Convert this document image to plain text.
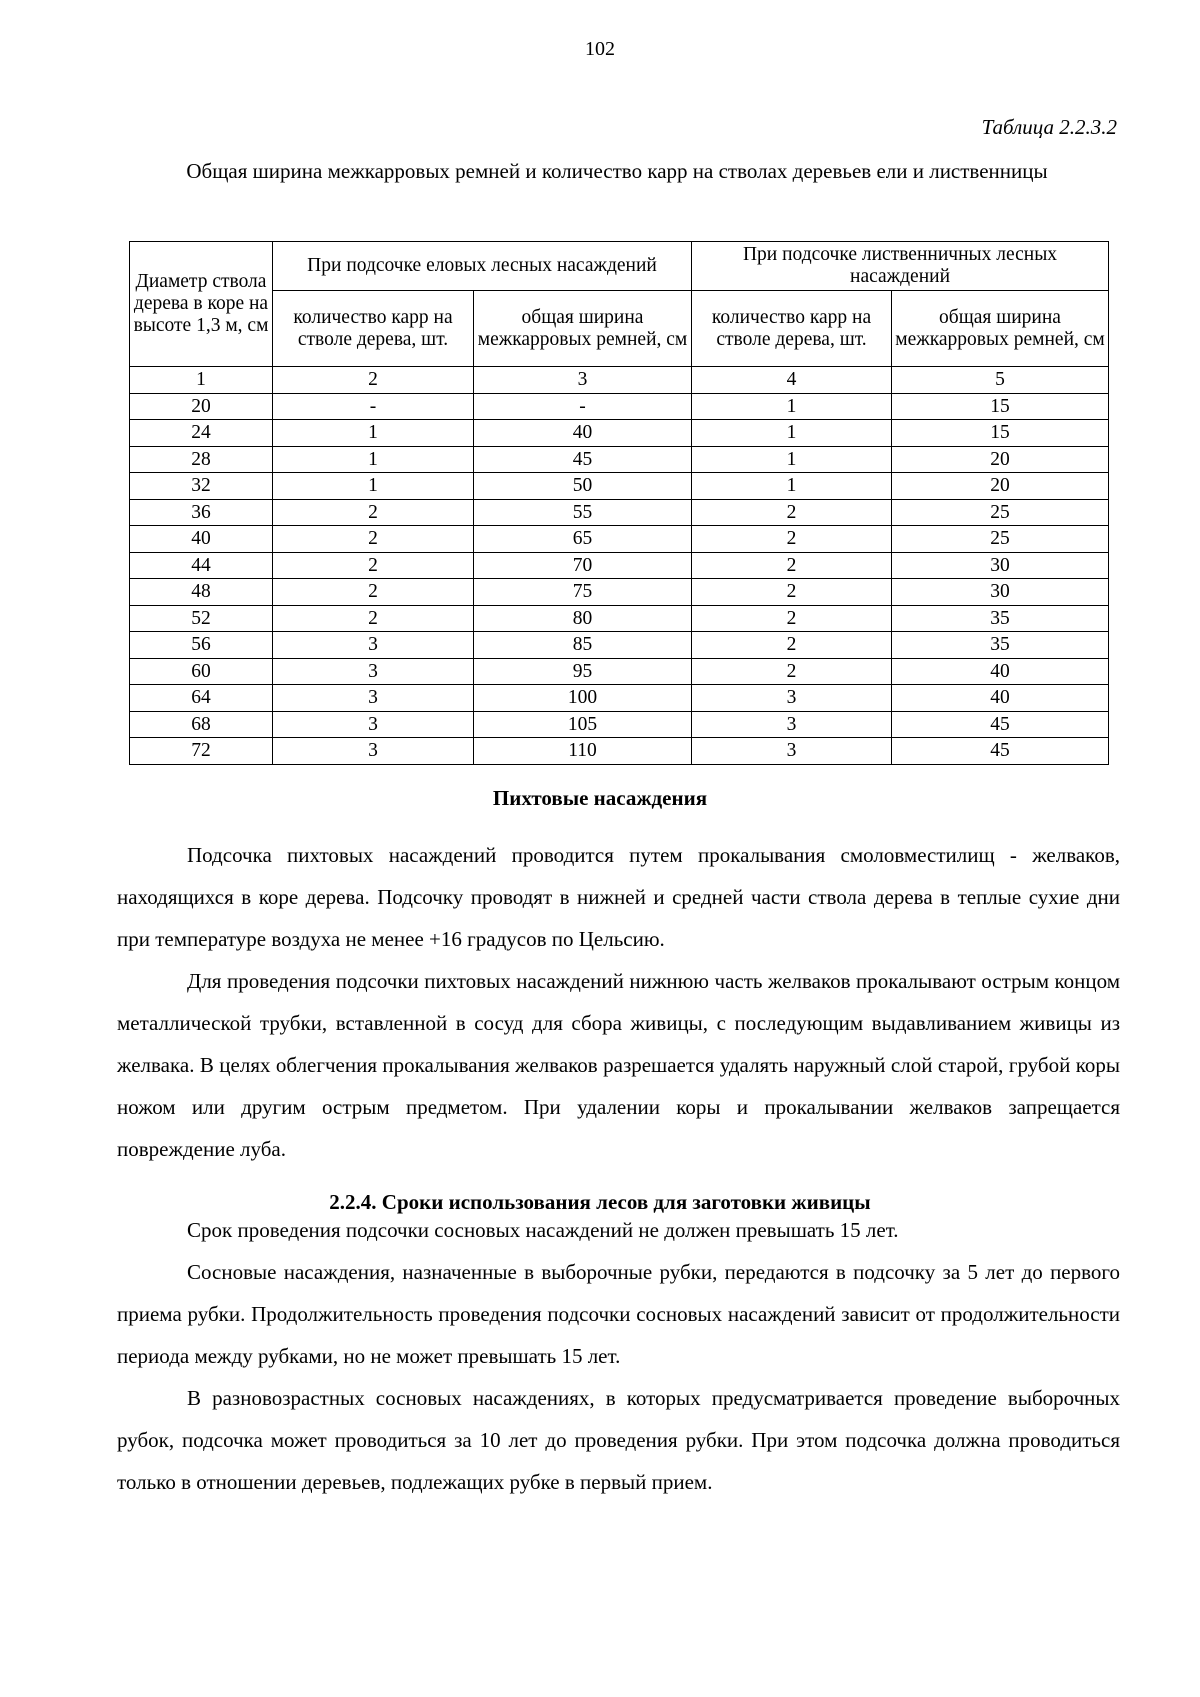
102
Таблица 2.2.3.2
Общая ширина межкарровых ремней и количество карр на стволах деревьев ели и лиственницы
Диаметр ствола дерева в коре на высоте 1,3 м, см	При подсочке еловых лесных насаждений		При подсочке лиственничных лесных насаждений	
	количество карр на стволе дерева, шт.	общая ширина межкарровых ремней, см	количество карр на стволе дерева, шт.	общая ширина межкарровых ремней, см
1	2	3	4	5
20	-	-	1	15
24	1	40	1	15
28	1	45	1	20
32	1	50	1	20
36	2	55	2	25
40	2	65	2	25
44	2	70	2	30
48	2	75	2	30
52	2	80	2	35
56	3	85	2	35
60	3	95	2	40
64	3	100	3	40
68	3	105	3	45
72	3	110	3	45
Пихтовые насаждения

Подсочка пихтовых насаждений проводится путем прокалывания смоловместилищ - желваков, находящихся в коре дерева. Подсочку проводят в нижней и средней части ствола дерева в теплые сухие дни при температуре воздуха не менее +16 градусов по Цельсию.

Для проведения подсочки пихтовых насаждений нижнюю часть желваков прокалывают острым концом металлической трубки, вставленной в сосуд для сбора живицы, с последующим выдавливанием живицы из желвака. В целях облегчения прокалывания желваков разрешается удалять наружный слой старой, грубой коры ножом или другим острым предметом. При удалении коры и прокалывании желваков запрещается повреждение луба.

2.2.4. Сроки использования лесов для заготовки живицы

Срок проведения подсочки сосновых насаждений не должен превышать 15 лет.

Сосновые насаждения, назначенные в выборочные рубки, передаются в подсочку за 5 лет до первого приема рубки. Продолжительность проведения подсочки сосновых насаждений зависит от продолжительности периода между рубками, но не может превышать 15 лет.

В разновозрастных сосновых насаждениях, в которых предусматривается проведение выборочных рубок, подсочка может проводиться за 10 лет до проведения рубки. При этом подсочка должна проводиться только в отношении деревьев, подлежащих рубке в первый прием.
